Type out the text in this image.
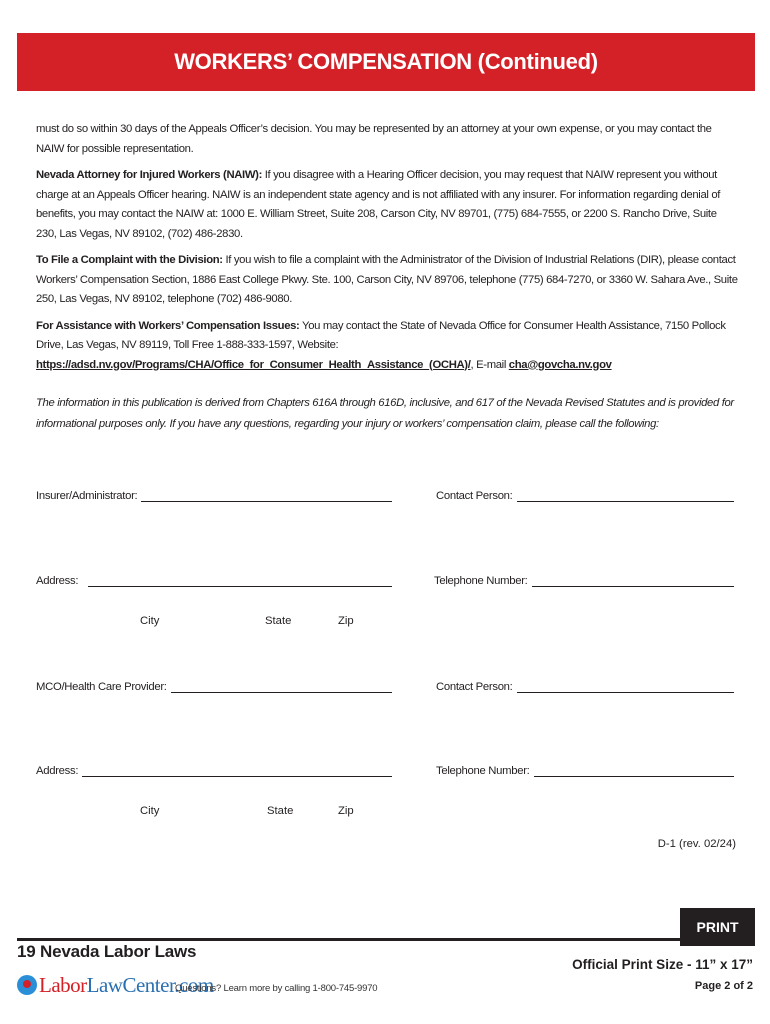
WORKERS’ COMPENSATION (Continued)

must do so within 30 days of the Appeals Officer’s decision. You may be represented by an attorney at your own expense, or you may contact the NAIW for possible representation.

Nevada Attorney for Injured Workers (NAIW): If you disagree with a Hearing Officer decision, you may request that NAIW represent you without charge at an Appeals Officer hearing. NAIW is an independent state agency and is not affiliated with any insurer. For information regarding denial of benefits, you may contact the NAIW at: 1000 E. William Street, Suite 208, Carson City, NV 89701, (775) 684-7555, or 2200 S. Rancho Drive, Suite 230, Las Vegas, NV 89102, (702) 486-2830.

To File a Complaint with the Division: If you wish to file a complaint with the Administrator of the Division of Industrial Relations (DIR), please contact Workers’ Compensation Section, 1886 East College Pkwy. Ste. 100, Carson City, NV 89706, telephone (775) 684-7270, or 3360 W. Sahara Ave., Suite 250, Las Vegas, NV 89102, telephone (702) 486-9080.

For Assistance with Workers’ Compensation Issues: You may contact the State of Nevada Office for Consumer Health Assistance, 7150 Pollock Drive, Las Vegas, NV 89119, Toll Free 1-888-333-1597, Website: https://adsd.nv.gov/Programs/CHA/Office_for_Consumer_Health_Assistance_(OCHA)/, E-mail cha@govcha.nv.gov

The information in this publication is derived from Chapters 616A through 616D, inclusive, and 617 of the Nevada Revised Statutes and is provided for informational purposes only. If you have any questions, regarding your injury or workers’ compensation claim, please call the following:
Insurer/Administrator:	Contact Person:
Address:	Telephone Number:
City	State	Zip
MCO/Health Care Provider:	Contact Person:
Address:	Telephone Number:
City	State	Zip
D-1 (rev. 02/24)
PRINT
19 Nevada Labor Laws
LaborLawCenter.com
Questions? Learn more by calling 1-800-745-9970
Official Print Size - 11” x 17”
Page 2 of 2
